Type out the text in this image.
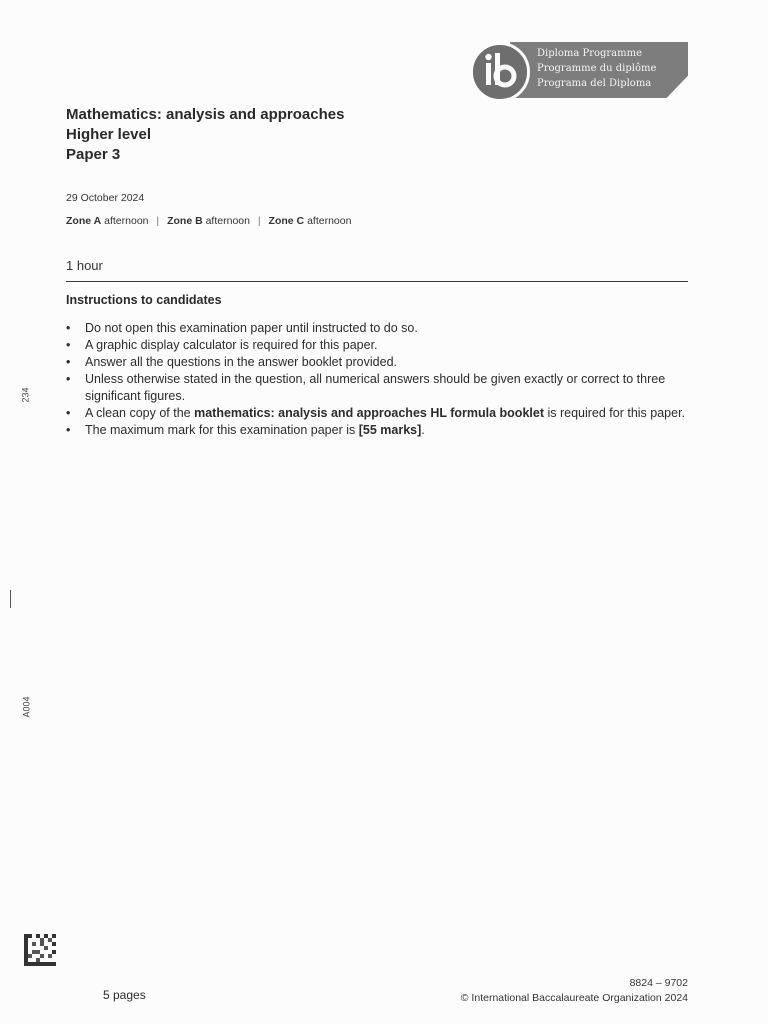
Diploma Programme
Programme du diplôme
Programa del Diploma
Mathematics: analysis and approaches
Higher level
Paper 3
29 October 2024
Zone A afternoon | Zone B afternoon | Zone C afternoon
1 hour
Instructions to candidates
• Do not open this examination paper until instructed to do so.
• A graphic display calculator is required for this paper.
• Answer all the questions in the answer booklet provided.
• Unless otherwise stated in the question, all numerical answers should be given exactly or correct to three significant figures.
• A clean copy of the mathematics: analysis and approaches HL formula booklet is required for this paper.
• The maximum mark for this examination paper is [55 marks].
234
A004
5 pages
8824 – 9702
© International Baccalaureate Organization 2024
